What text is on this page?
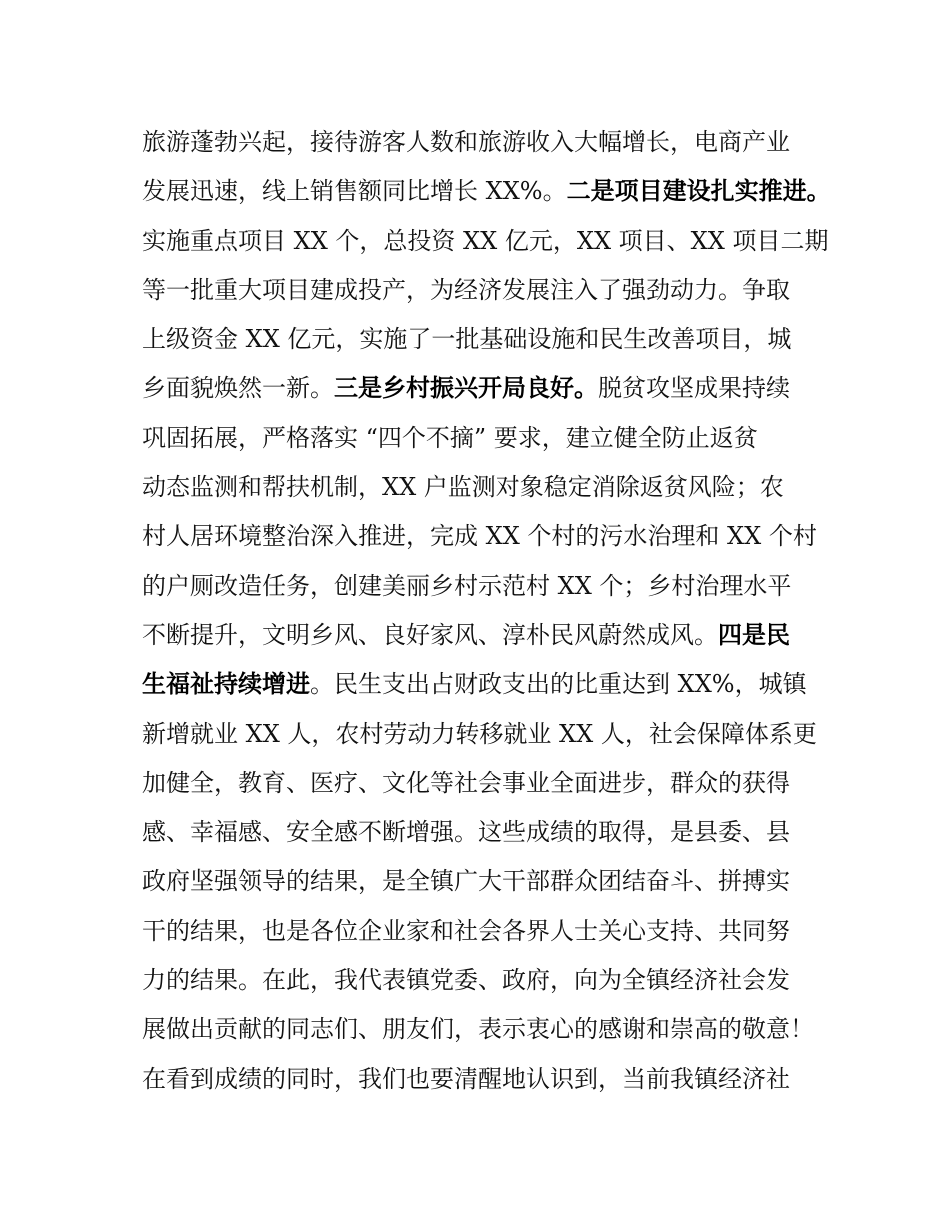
旅游蓬勃兴起，接待游客人数和旅游收入大幅增长，电商产业
发展迅速，线上销售额同比增长 XX%。二是项目建设扎实推进。
实施重点项目 XX 个，总投资 XX 亿元，XX 项目、XX 项目二期
等一批重大项目建成投产，为经济发展注入了强劲动力。争取
上级资金 XX 亿元，实施了一批基础设施和民生改善项目，城
乡面貌焕然一新。三是乡村振兴开局良好。脱贫攻坚成果持续
巩固拓展，严格落实 “四个不摘” 要求，建立健全防止返贫
动态监测和帮扶机制，XX 户监测对象稳定消除返贫风险；农
村人居环境整治深入推进，完成 XX 个村的污水治理和 XX 个村
的户厕改造任务，创建美丽乡村示范村 XX 个；乡村治理水平
不断提升，文明乡风、良好家风、淳朴民风蔚然成风。四是民
生福祉持续增进。民生支出占财政支出的比重达到 XX%，城镇
新增就业 XX 人，农村劳动力转移就业 XX 人，社会保障体系更
加健全，教育、医疗、文化等社会事业全面进步，群众的获得
感、幸福感、安全感不断增强。这些成绩的取得，是县委、县
政府坚强领导的结果，是全镇广大干部群众团结奋斗、拼搏实
干的结果，也是各位企业家和社会各界人士关心支持、共同努
力的结果。在此，我代表镇党委、政府，向为全镇经济社会发
展做出贡献的同志们、朋友们，表示衷心的感谢和崇高的敬意！
在看到成绩的同时，我们也要清醒地认识到，当前我镇经济社
